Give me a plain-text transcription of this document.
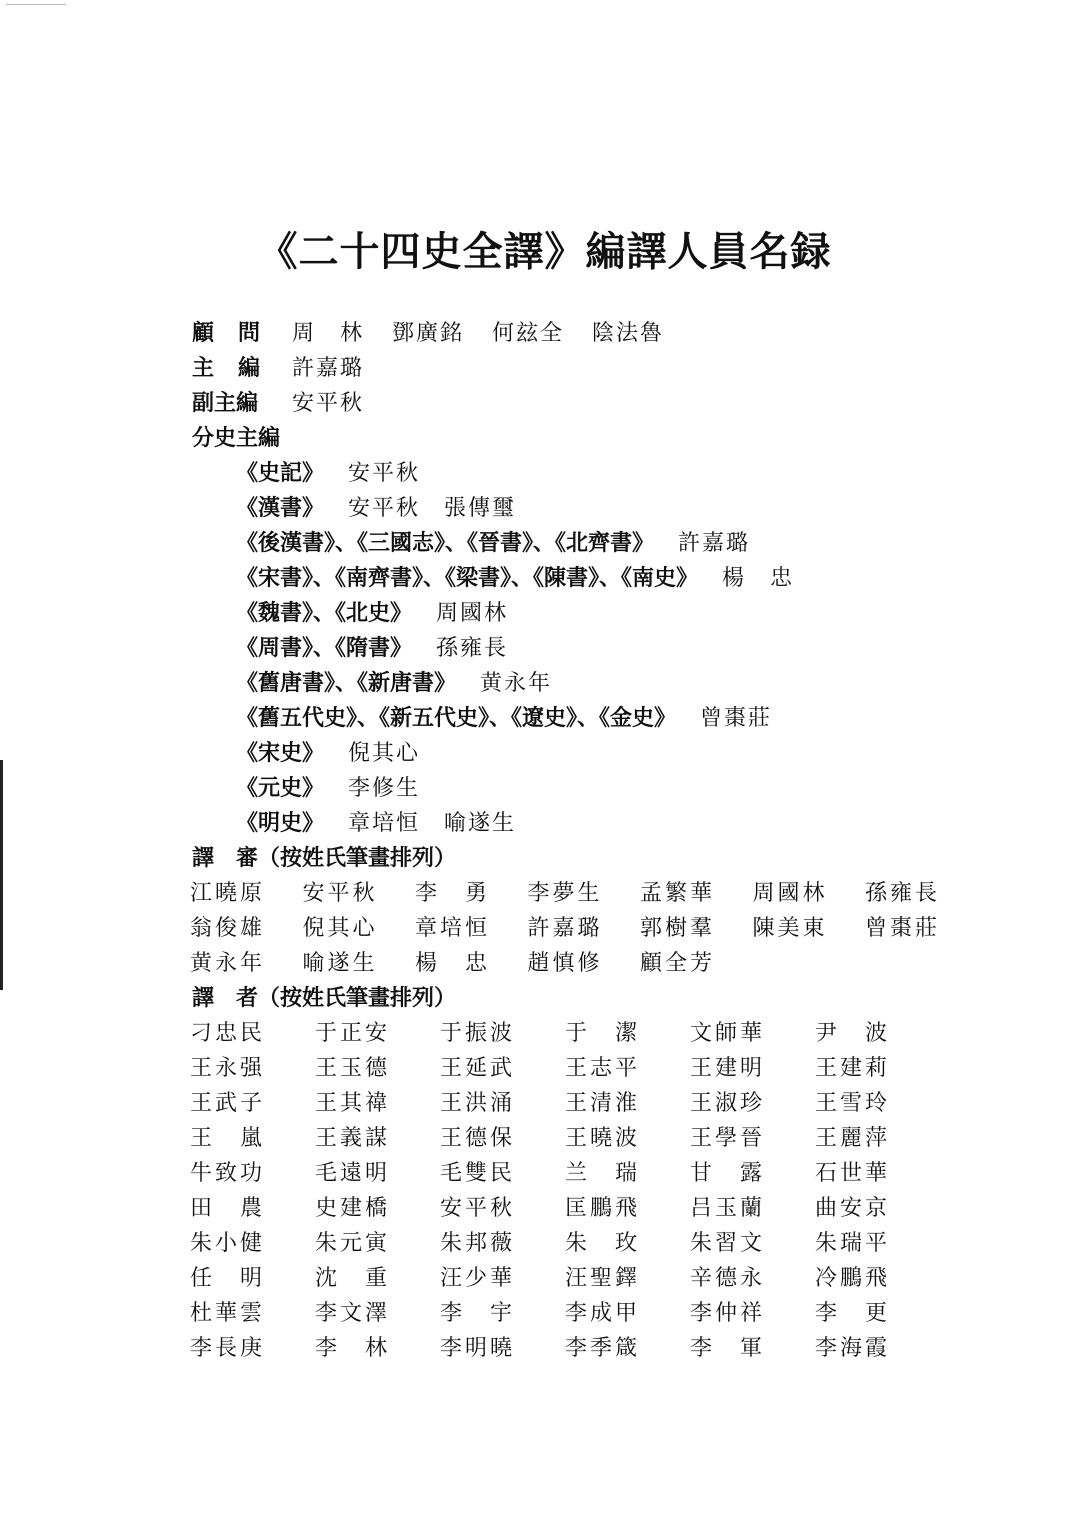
《二十四史全譯》編譯人員名録
顧問 周　林 鄧廣銘 何玆全 陰法魯
主編 許嘉璐
副主編 安平秋
分史主編
《史記》 安平秋
《漢書》 安平秋　張傳璽
《後漢書》、《三國志》、《晉書》、《北齊書》 許嘉璐
《宋書》、《南齊書》、《梁書》、《陳書》、《南史》 楊　忠
《魏書》、《北史》 周國林
《周書》、《隋書》 孫雍長
《舊唐書》、《新唐書》 黄永年
《舊五代史》、《新五代史》、《遼史》、《金史》 曾棗莊
《宋史》 倪其心
《元史》 李修生
《明史》 章培恒　喻遂生
譯　審（按姓氏筆畫排列）
江曉原 安平秋 李　勇 李夢生 孟繁華 周國林 孫雍長
翁俊雄 倪其心 章培恒 許嘉璐 郭樹羣 陳美東 曾棗莊
黄永年 喻遂生 楊　忠 趙慎修 顧全芳
譯　者（按姓氏筆畫排列）
刁忠民 于正安 于振波 于　潔 文師華 尹　波
王永强 王玉德 王延武 王志平 王建明 王建莉
王武子 王其禕 王洪涌 王清淮 王淑珍 王雪玲
王　嵐 王義謀 王德保 王曉波 王學晉 王麗萍
牛致功 毛遠明 毛雙民 兰　瑞 甘　露 石世華
田　農 史建橋 安平秋 匡鵬飛 吕玉蘭 曲安京
朱小健 朱元寅 朱邦薇 朱　玫 朱習文 朱瑞平
任　明 沈　重 汪少華 汪聖鐸 辛德永 冷鵬飛
杜華雲 李文澤 李　宇 李成甲 李仲祥 李　更
李長庚 李　林 李明曉 李季箴 李　軍 李海霞
